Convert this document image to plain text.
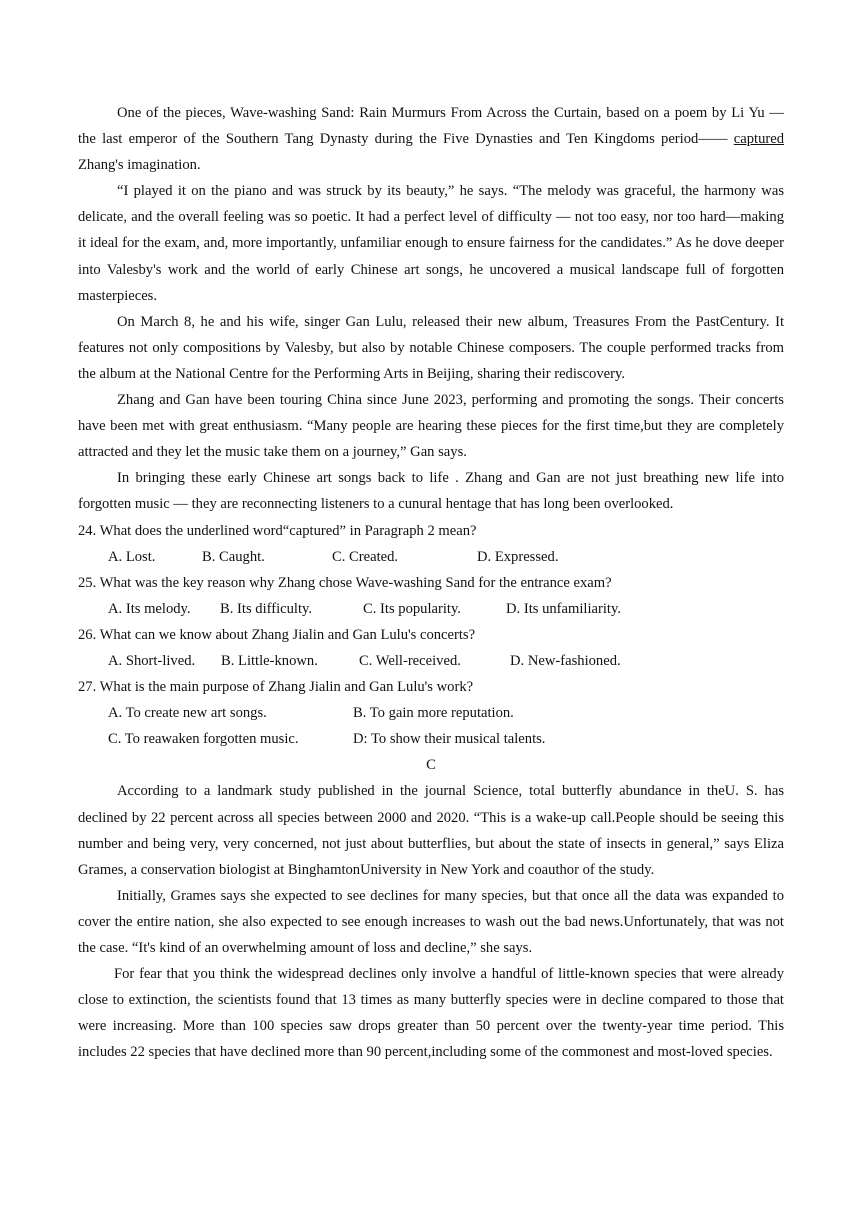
One of the pieces, Wave-washing Sand: Rain Murmurs From Across the Curtain, based on a poem by Li Yu — the last emperor of the Southern Tang Dynasty during the Five Dynasties and Ten Kingdoms period—— captured Zhang's imagination.

“I played it on the piano and was struck by its beauty,” he says. “The melody was graceful, the harmony was delicate, and the overall feeling was so poetic. It had a perfect level of difficulty — not too easy, nor too hard—making it ideal for the exam, and, more importantly, unfamiliar enough to ensure fairness for the candidates.” As he dove deeper into Valesby's work and the world of early Chinese art songs, he uncovered a musical landscape full of forgotten masterpieces.

On March 8, he and his wife, singer Gan Lulu, released their new album, Treasures From the PastCentury. It features not only compositions by Valesby, but also by notable Chinese composers. The couple performed tracks from the album at the National Centre for the Performing Arts in Beijing, sharing their rediscovery.

Zhang and Gan have been touring China since June 2023, performing and promoting the songs. Their concerts have been met with great enthusiasm. “Many people are hearing these pieces for the first time,but they are completely attracted and they let the music take them on a journey,” Gan says.

In bringing these early Chinese art songs back to life . Zhang and Gan are not just breathing new life into forgotten music — they are reconnecting listeners to a cunural hentage that has long been overlooked.

24. What does the underlined word“captured” in Paragraph 2 mean?

A. Lost.	B. Caught.	C. Created.	D. Expressed.

25. What was the key reason why Zhang chose Wave-washing Sand for the entrance exam?

A. Its melody.	B. Its difficulty.	C. Its popularity.	D. Its unfamiliarity.

26. What can we know about Zhang Jialin and Gan Lulu's concerts?

A. Short-lived.	B. Little-known.	C. Well-received.	D. New-fashioned.

27. What is the main purpose of Zhang Jialin and Gan Lulu's work?

A. To create new art songs.	B. To gain more reputation.
C. To reawaken forgotten music.	D: To show their musical talents.

C

According to a landmark study published in the journal Science, total butterfly abundance in theU. S. has declined by 22 percent across all species between 2000 and 2020. “This is a wake-up call.People should be seeing this number and being very, very concerned, not just about butterflies, but about the state of insects in general,” says Eliza Grames, a conservation biologist at BinghamtonUniversity in New York and coauthor of the study.

Initially, Grames says she expected to see declines for many species, but that once all the data was expanded to cover the entire nation, she also expected to see enough increases to wash out the bad news.Unfortunately, that was not the case. “It's kind of an overwhelming amount of loss and decline,” she says.

For fear that you think the widespread declines only involve a handful of little-known species that were already close to extinction, the scientists found that 13 times as many butterfly species were in decline compared to those that were increasing. More than 100 species saw drops greater than 50 percent over the twenty-year time period. This includes 22 species that have declined more than 90 percent,including some of the commonest and most-loved species.
